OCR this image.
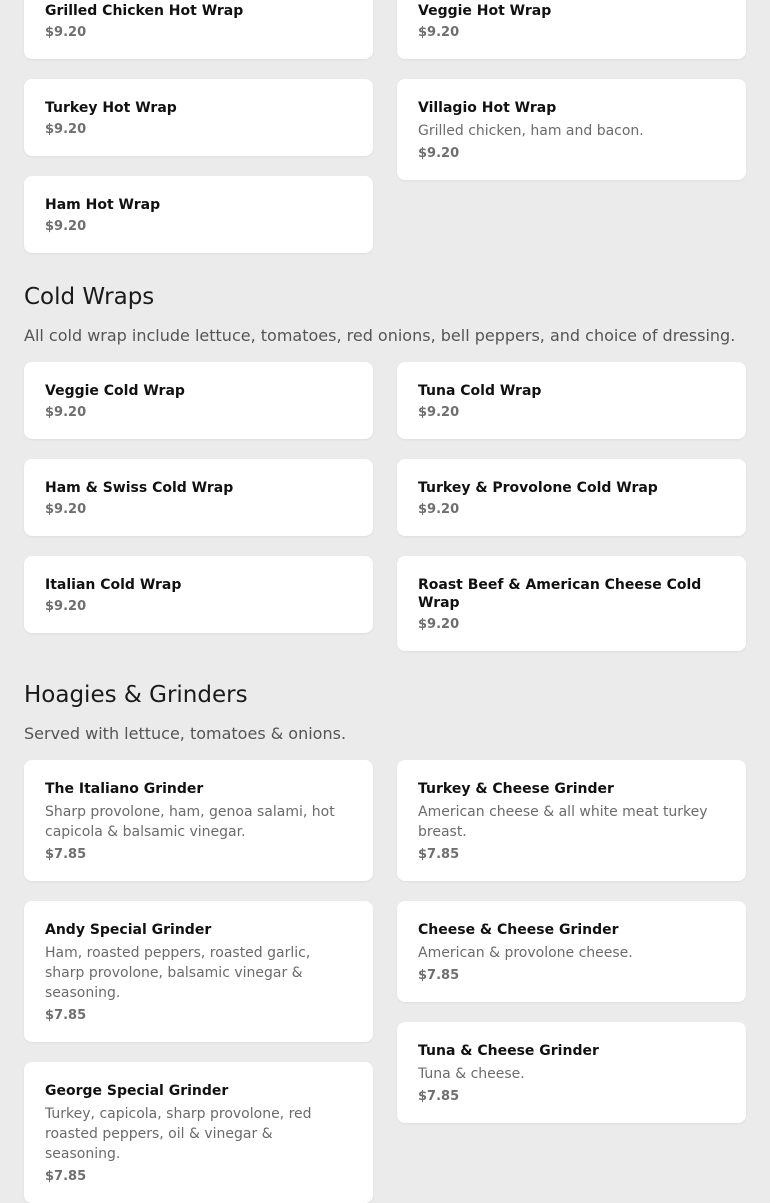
Grilled Chicken Hot Wrap
$9.20
Turkey Hot Wrap
$9.20
Ham Hot Wrap
$9.20
Veggie Hot Wrap
$9.20
Villagio Hot Wrap
Grilled chicken, ham and bacon.
$9.20
Cold Wraps

All cold wrap include lettuce, tomatoes, red onions, bell peppers, and choice of dressing.

Veggie Cold Wrap
$9.20
Ham & Swiss Cold Wrap
$9.20
Italian Cold Wrap
$9.20
Tuna Cold Wrap
$9.20
Turkey & Provolone Cold Wrap
$9.20
Roast Beef & American Cheese Cold Wrap
$9.20
Hoagies & Grinders

Served with lettuce, tomatoes & onions.

The Italiano Grinder
Sharp provolone, ham, genoa salami, hot capicola & balsamic vinegar.
$7.85
Andy Special Grinder
Ham, roasted peppers, roasted garlic, sharp provolone, balsamic vinegar & seasoning.
$7.85
George Special Grinder
Turkey, capicola, sharp provolone, red roasted peppers, oil & vinegar & seasoning.
$7.85
Turkey & Cheese Grinder
American cheese & all white meat turkey breast.
$7.85
Cheese & Cheese Grinder
American & provolone cheese.
$7.85
Tuna & Cheese Grinder
Tuna & cheese.
$7.85
